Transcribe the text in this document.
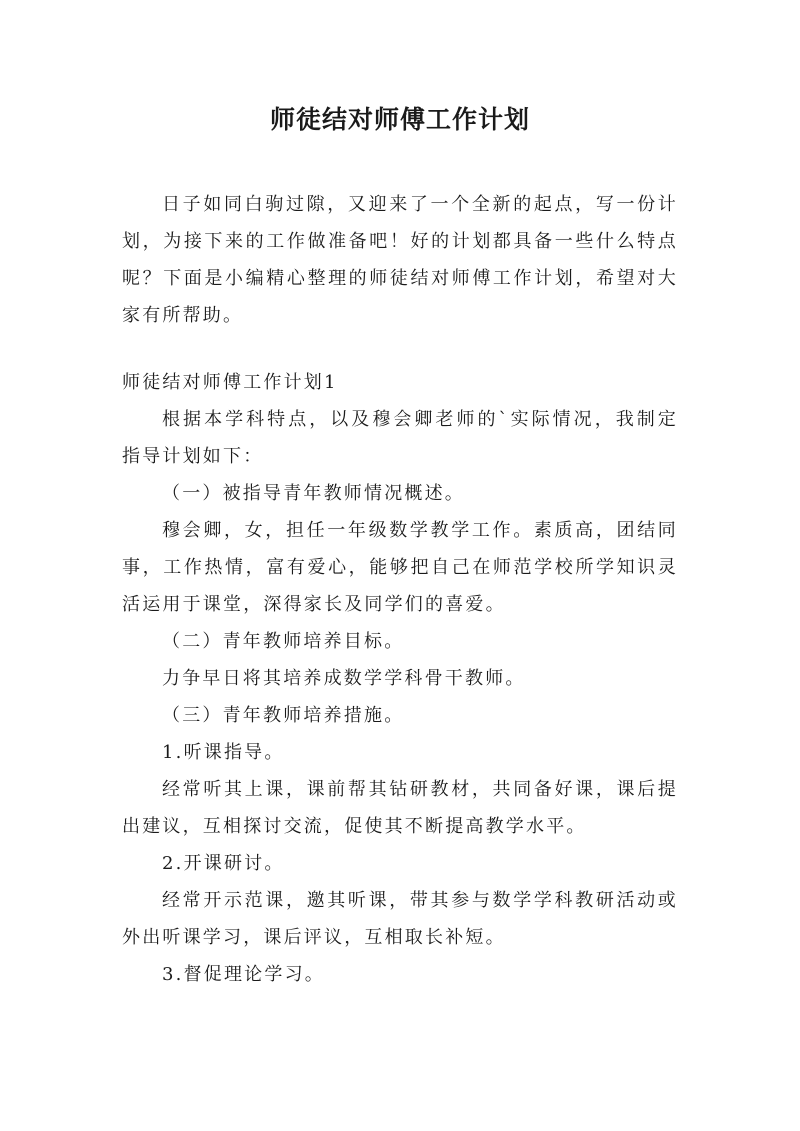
师徒结对师傅工作计划

日子如同白驹过隙，又迎来了一个全新的起点，写一份计划，为接下来的工作做准备吧！好的计划都具备一些什么特点呢？下面是小编精心整理的师徒结对师傅工作计划，希望对大家有所帮助。

师徒结对师傅工作计划1

根据本学科特点，以及穆会卿老师的`实际情况，我制定指导计划如下：

（一）被指导青年教师情况概述。

穆会卿，女，担任一年级数学教学工作。素质高，团结同事，工作热情，富有爱心，能够把自己在师范学校所学知识灵活运用于课堂，深得家长及同学们的喜爱。

（二）青年教师培养目标。

力争早日将其培养成数学学科骨干教师。

（三）青年教师培养措施。

1.听课指导。

经常听其上课，课前帮其钻研教材，共同备好课，课后提出建议，互相探讨交流，促使其不断提高教学水平。

2.开课研讨。

经常开示范课，邀其听课，带其参与数学学科教研活动或外出听课学习，课后评议，互相取长补短。

3.督促理论学习。
